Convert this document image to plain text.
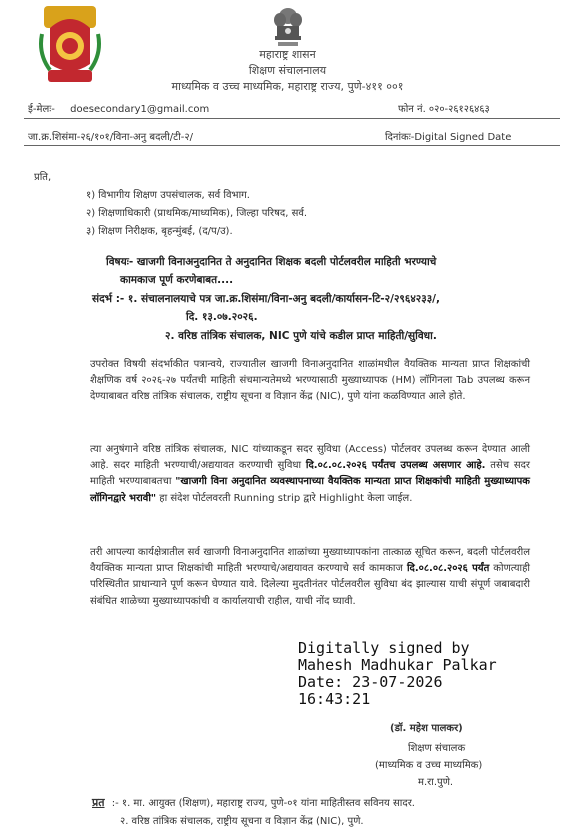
महाराष्ट्र शासन
शिक्षण संचालनालय
माध्यमिक व उच्च माध्यमिक, महाराष्ट्र राज्य, पुणे-४११ ००१
ई-मेलः- doesecondary1@gmail.com	फोन नं. ०२०-२६१२६४६३
जा.क्र.शिसंमा-२६/१०१/विना-अनु बदली/टी-२/	दिनांकः-Digital Signed Date
प्रति,
१) विभागीय शिक्षण उपसंचालक, सर्व विभाग.
२) शिक्षणाधिकारी (प्राथमिक/माध्यमिक), जिल्हा परिषद, सर्व.
३) शिक्षण निरीक्षक, बृहन्मुंबई, (द/प/उ).
विषयः- खाजगी विनाअनुदानित ते अनुदानित शिक्षक बदली पोर्टलवरील माहिती भरण्याचे
कामकाज पूर्ण करणेबाबत....
संदर्भ :- १. संचालनालयाचे पत्र जा.क्र.शिसंमा/विना-अनु बदली/कार्यासन-टि-२/२९६४२३३/,
दि. १३.०७.२०२६.
२. वरिष्ठ तांत्रिक संचालक, NIC पुणे यांचे कडील प्राप्त माहिती/सुविधा.
उपरोक्त विषयी संदर्भाकीत पत्रान्वये, राज्यातील खाजगी विनाअनुदानित शाळांमधील वैयक्तिक मान्यता प्राप्त शिक्षकांची शैक्षणिक वर्ष २०२६-२७ पर्यंतची माहिती संचमान्यतेमध्ये भरण्यासाठी मुख्याध्यापक (HM) लॉगिनला Tab उपलब्ध करून देण्याबाबत वरिष्ठ तांत्रिक संचालक, राष्ट्रीय सूचना व विज्ञान केंद्र (NIC), पुणे यांना कळविण्यात आले होते.
त्या अनुषंगाने वरिष्ठ तांत्रिक संचालक, NIC यांच्याकडून सदर सुविधा (Access) पोर्टलवर उपलब्ध करून देण्यात आली आहे. सदर माहिती भरण्याची/अद्ययावत करण्याची सुविधा दि.०८.०८.२०२६ पर्यंतच उपलब्ध असणार आहे. तसेच सदर माहिती भरण्याबाबतचा "खाजगी विना अनुदानित व्यवस्थापनाच्या वैयक्तिक मान्यता प्राप्त शिक्षकांची माहिती मुख्याध्यापक लॉगिनद्वारे भरावी" हा संदेश पोर्टलवरती Running strip द्वारे Highlight केला जाईल.
तरी आपल्या कार्यक्षेत्रातील सर्व खाजगी विनाअनुदानित शाळांच्या मुख्याध्यापकांना तात्काळ सूचित करून, बदली पोर्टलवरील वैयक्तिक मान्यता प्राप्त शिक्षकांची माहिती भरण्याचे/अद्ययावत करण्याचे सर्व कामकाज दि.०८.०८.२०२६ पर्यंत कोणत्याही परिस्थितीत प्राधान्याने पूर्ण करून घेण्यात यावे. दिलेल्या मुदतीनंतर पोर्टलवरील सुविधा बंद झाल्यास याची संपूर्ण जबाबदारी संबंधित शाळेच्या मुख्याध्यापकांची व कार्यालयाची राहील, याची नोंद घ्यावी.
Digitally signed by
Mahesh Madhukar Palkar
Date: 23-07-2026
16:43:21
(डॉ. महेश पालकर)
शिक्षण संचालक
(माध्यमिक व उच्च माध्यमिक)
म.रा.पुणे.
प्रत :- १. मा. आयुक्त (शिक्षण), महाराष्ट्र राज्य, पुणे-०१ यांना माहितीस्तव सविनय सादर.
२. वरिष्ठ तांत्रिक संचालक, राष्ट्रीय सूचना व विज्ञान केंद्र (NIC), पुणे.
